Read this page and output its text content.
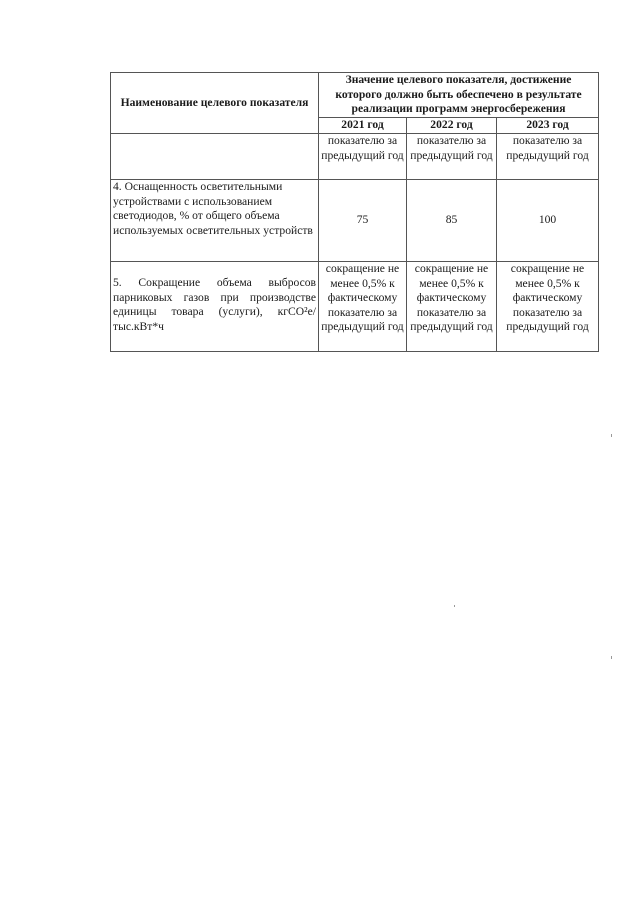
Наименование целевого показателя	Значение целевого показателя, достижение которого должно быть обеспечено в результате реализации программ энергосбережения		
	2021 год	2022 год	2023 год
	показателю за предыдущий год	показателю за предыдущий год	показателю за предыдущий год
4. Оснащенность осветительными устройствами с использованием светодиодов, % от общего объема используемых осветительных устройств	75	85	100
5. Сокращение объема выбросов парниковых газов при производстве единицы товара (услуги), кгCO²е/тыс.кВт*ч	сокращение не менее 0,5% к фактическому показателю за предыдущий год	сокращение не менее 0,5% к фактическому показателю за предыдущий год	сокращение не менее 0,5% к фактическому показателю за предыдущий год
